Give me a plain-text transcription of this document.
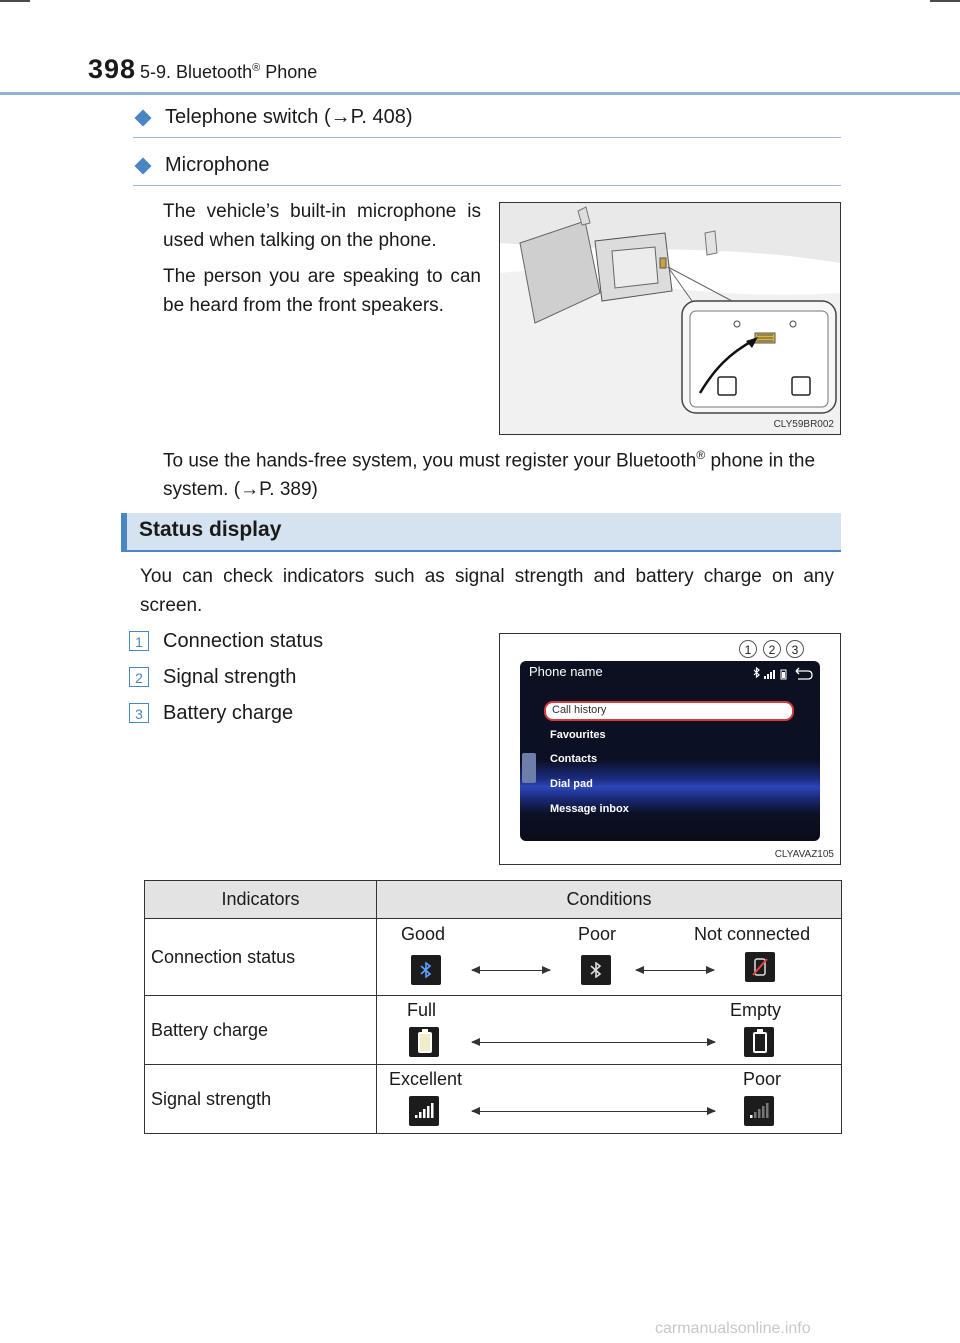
398 5-9. Bluetooth® Phone
Telephone switch ( → P. 408)
Microphone
The vehicle’s built-in microphone is used when talking on the phone.
The person you are speaking to can be heard from the front speakers.
CLY59BR002
To use the hands-free system, you must register your Bluetooth® phone in the system. (→P. 389)
Status display
You can check indicators such as signal strength and battery charge on any screen.
1	Connection status
2	Signal strength
3	Battery charge
1	2	3
Phone name
Call history
Favourites
Contacts
Dial pad
Message inbox
CLYAVAZ105
Indicators	Conditions
Connection status	Good Poor Not connected

Battery charge	Full Empty

Signal strength	Excellent Poor
carmanualsonline.info
